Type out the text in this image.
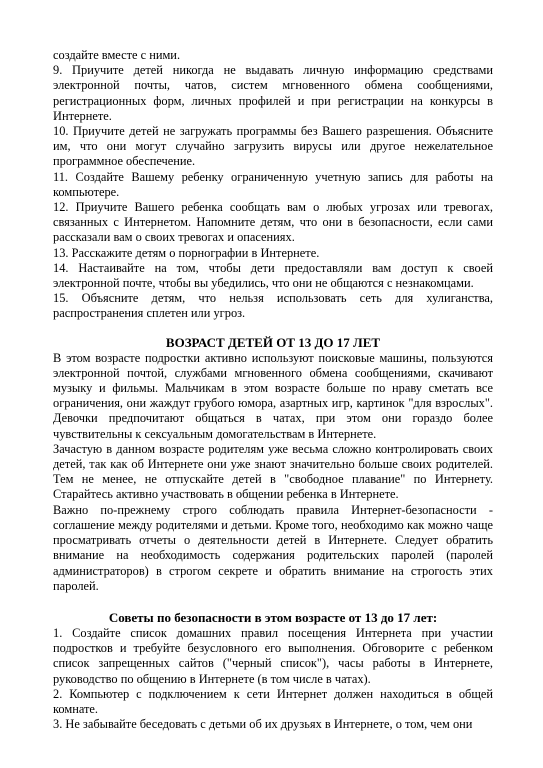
создайте вместе с ними.

9. Приучите детей никогда не выдавать личную информацию средствами электронной почты, чатов, систем мгновенного обмена сообщениями, регистрационных форм, личных профилей и при регистрации на конкурсы в Интернете.

10. Приучите детей не загружать программы без Вашего разрешения. Объясните им, что они могут случайно загрузить вирусы или другое нежелательное программное обеспечение.

11. Создайте Вашему ребенку ограниченную учетную запись для работы на компьютере.

12. Приучите Вашего ребенка сообщать вам о любых угрозах или тревогах, связанных с Интернетом. Напомните детям, что они в безопасности, если сами рассказали вам о своих тревогах и опасениях.

13. Расскажите детям о порнографии в Интернете.

14. Настаивайте на том, чтобы дети предоставляли вам доступ к своей электронной почте, чтобы вы убедились, что они не общаются с незнакомцами.

15. Объясните детям, что нельзя использовать сеть для хулиганства, распространения сплетен или угроз.

ВОЗРАСТ ДЕТЕЙ ОТ 13 ДО 17 ЛЕТ

В этом возрасте подростки активно используют поисковые машины, пользуются электронной почтой, службами мгновенного обмена сообщениями, скачивают музыку и фильмы. Мальчикам в этом возрасте больше по нраву сметать все ограничения, они жаждут грубого юмора, азартных игр, картинок "для взрослых". Девочки предпочитают общаться в чатах, при этом они гораздо более чувствительны к сексуальным домогательствам в Интернете.

Зачастую в данном возрасте родителям уже весьма сложно контролировать своих детей, так как об Интернете они уже знают значительно больше своих родителей. Тем не менее, не отпускайте детей в "свободное плавание" по Интернету. Старайтесь активно участвовать в общении ребенка в Интернете.

Важно по-прежнему строго соблюдать правила Интернет-безопасности - соглашение между родителями и детьми. Кроме того, необходимо как можно чаще просматривать отчеты о деятельности детей в Интернете. Следует обратить внимание на необходимость содержания родительских паролей (паролей администраторов) в строгом секрете и обратить внимание на строгость этих паролей.

Советы по безопасности в этом возрасте от 13 до 17 лет:

1. Создайте список домашних правил посещения Интернета при участии подростков и требуйте безусловного его выполнения. Обговорите с ребенком список запрещенных сайтов ("черный список"), часы работы в Интернете, руководство по общению в Интернете (в том числе в чатах).

2. Компьютер с подключением к сети Интернет должен находиться в общей комнате.

3. Не забывайте беседовать с детьми об их друзьях в Интернете, о том, чем они
